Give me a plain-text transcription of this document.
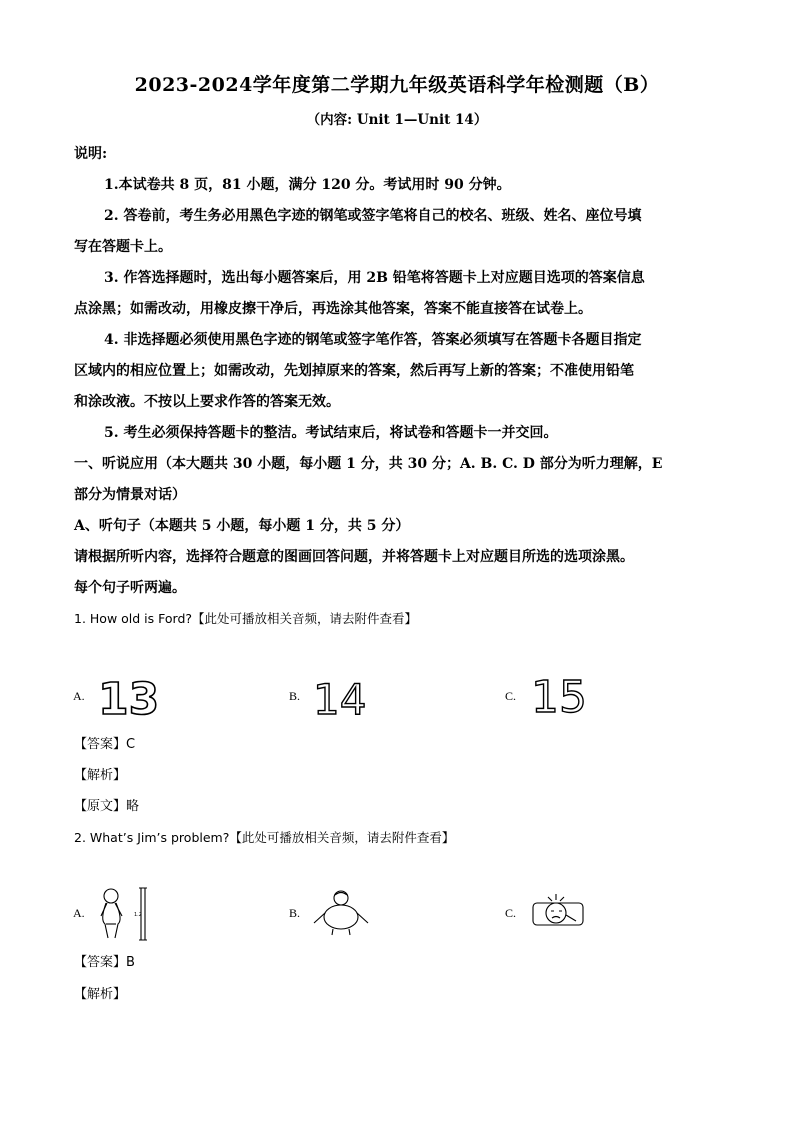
2023-2024学年度第二学期九年级英语科学年检测题（B）
（内容: Unit 1—Unit 14）
说明:
1.本试卷共 8 页，81 小题，满分 120 分。考试用时 90 分钟。
2. 答卷前，考生务必用黑色字迹的钢笔或签字笔将自己的校名、班级、姓名、座位号填
写在答题卡上。
3. 作答选择题时，选出每小题答案后，用 2B 铅笔将答题卡上对应题目选项的答案信息
点涂黑；如需改动，用橡皮擦干净后，再选涂其他答案，答案不能直接答在试卷上。
4. 非选择题必须使用黑色字迹的钢笔或签字笔作答，答案必须填写在答题卡各题目指定
区域内的相应位置上；如需改动，先划掉原来的答案，然后再写上新的答案；不准使用铅笔
和涂改液。不按以上要求作答的答案无效。
5. 考生必须保持答题卡的整洁。考试结束后，将试卷和答题卡一并交回。
一、听说应用（本大题共 30 小题，每小题 1 分，共 30 分；A. B. C. D 部分为听力理解，E
部分为情景对话）
A、听句子（本题共 5 小题，每小题 1 分，共 5 分）
请根据所听内容，选择符合题意的图画回答问题，并将答题卡上对应题目所选的选项涂黑。
每个句子听两遍。
1. How old is Ford?【此处可播放相关音频，请去附件查看】
A. 13	B. 14	C. 15
【答案】C
【解析】
【原文】略
2. What’s Jim’s problem?【此处可播放相关音频，请去附件查看】
A.	1.2	B.	C.
【答案】B
【解析】
